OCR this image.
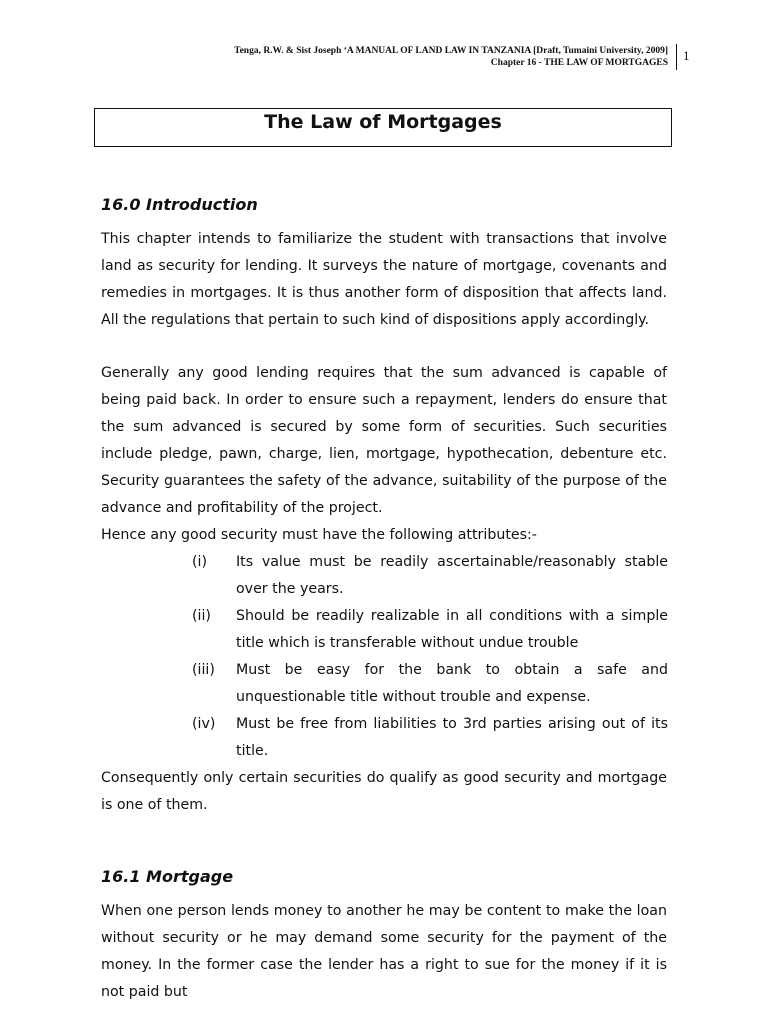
Tenga, R.W. & Sist Joseph ‘A MANUAL OF LAND LAW IN TANZANIA [Draft, Tumaini University, 2009]
Chapter 16 - THE LAW OF MORTGAGES	1
The Law of Mortgages
16.0 Introduction

This chapter intends to familiarize the student with transactions that involve land as security for lending. It surveys the nature of mortgage, covenants and remedies in mortgages. It is thus another form of disposition that affects land. All the regulations that pertain to such kind of dispositions apply accordingly.

Generally any good lending requires that the sum advanced is capable of being paid back. In order to ensure such a repayment, lenders do ensure that the sum advanced is secured by some form of securities. Such securities include pledge, pawn, charge, lien, mortgage, hypothecation, debenture etc. Security guarantees the safety of the advance, suitability of the purpose of the advance and profitability of the project.

Hence any good security must have the following attributes:-

(i)	Its value must be readily ascertainable/reasonably stable over the years.
(ii)	Should be readily realizable in all conditions with a simple title which is transferable without undue trouble
(iii)	Must be easy for the bank to obtain a safe and unquestionable title without trouble and expense.
(iv)	Must be free from liabilities to 3rd parties arising out of its title.

Consequently only certain securities do qualify as good security and mortgage is one of them.

16.1 Mortgage

When one person lends money to another he may be content to make the loan without security or he may demand some security for the payment of the money. In the former case the lender has a right to sue for the money if it is not paid but
